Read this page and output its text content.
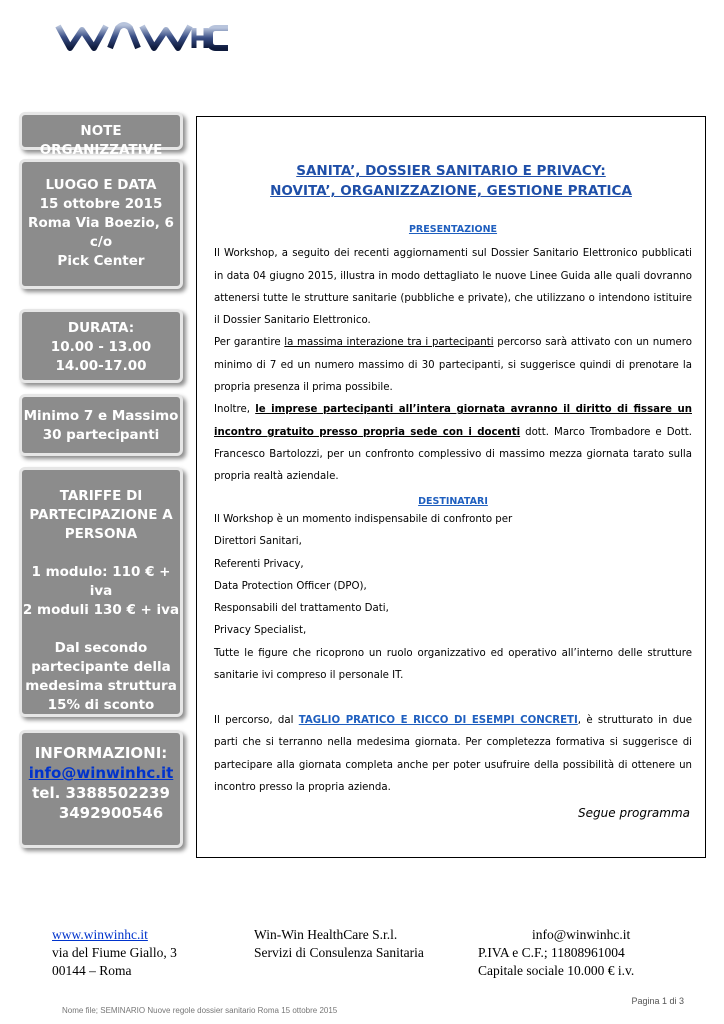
NOTE ORGANIZZATIVE
LUOGO E DATA
15 ottobre 2015
Roma Via Boezio, 6
c/o
Pick Center
DURATA:
10.00 - 13.00
14.00-17.00
Minimo 7 e Massimo
30 partecipanti
TARIFFE DI
PARTECIPAZIONE A
PERSONA
1 modulo: 110 € + iva
2 moduli 130 € + iva
Dal secondo
partecipante della
medesima struttura
15% di sconto
INFORMAZIONI:
info@winwinhc.it
tel. 3388502239
3492900546
SANITA’, DOSSIER SANITARIO E PRIVACY:
NOVITA’, ORGANIZZAZIONE, GESTIONE PRATICA
PRESENTAZIONE

Il Workshop, a seguito dei recenti aggiornamenti sul Dossier Sanitario Elettronico pubblicati in data 04 giugno 2015, illustra in modo dettagliato le nuove Linee Guida alle quali dovranno attenersi tutte le strutture sanitarie (pubbliche e private), che utilizzano o intendono istituire il Dossier Sanitario Elettronico.

Per garantire la massima interazione tra i partecipanti percorso sarà attivato con un numero minimo di 7 ed un numero massimo di 30 partecipanti, si suggerisce quindi di prenotare la propria presenza il prima possibile.

Inoltre, le imprese partecipanti all’intera giornata avranno il diritto di fissare un incontro gratuito presso propria sede con i docenti dott. Marco Trombadore e Dott. Francesco Bartolozzi, per un confronto complessivo di massimo mezza giornata tarato sulla propria realtà aziendale.

DESTINATARI

Il Workshop è un momento indispensabile di confronto per

Direttori Sanitari,

Referenti Privacy,

Data Protection Officer (DPO),

Responsabili del trattamento Dati,

Privacy Specialist,

Tutte le figure che ricoprono un ruolo organizzativo ed operativo all’interno delle strutture sanitarie ivi compreso il personale IT.

Il percorso, dal TAGLIO PRATICO E RICCO DI ESEMPI CONCRETI, è strutturato in due parti che si terranno nella medesima giornata. Per completezza formativa si suggerisce di partecipare alla giornata completa anche per poter usufruire della possibilità di ottenere un incontro presso la propria azienda.

Segue programma
www.winwinhc.it
via del Fiume Giallo, 3
00144 – Roma
Win-Win HealthCare S.r.l.
Servizi di Consulenza Sanitaria
info@winwinhc.it
P.IVA e C.F.; 11808961004
Capitale sociale 10.000 € i.v.
Pagina 1 di 3
Nome file; SEMINARIO Nuove regole dossier sanitario Roma 15 ottobre 2015
